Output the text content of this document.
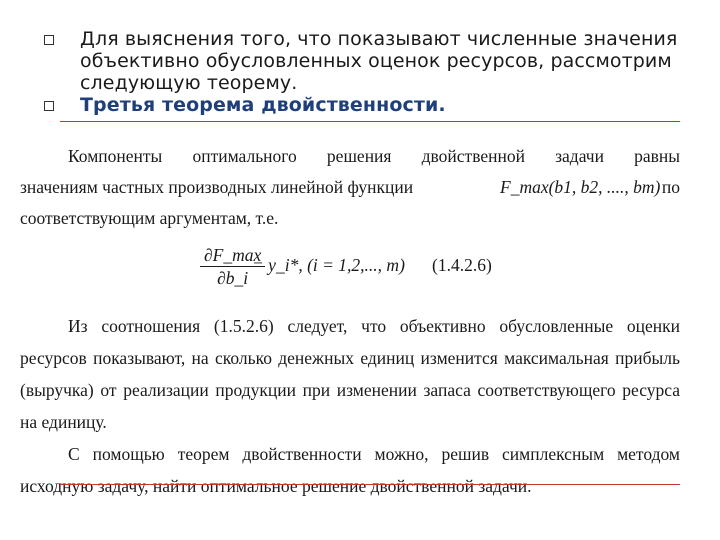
Для выяснения того, что показывают численные значения объективно обусловленных оценок ресурсов, рассмотрим следующую теорему.
Третья теорема двойственности.
Компоненты оптимального решения двойственной задачи равны
значениям частных производных линейной функции	F_max(b1, b2, ...., bm) по
соответствующим аргументам, т.е.
∂F_max
∂b_i
= y_i*, (i = 1,2,..., m) (1.4.2.6)
Из соотношения (1.5.2.6) следует, что объективно обусловленные оценки ресурсов показывают, на сколько денежных единиц изменится максимальная прибыль (выручка) от реализации продукции при изменении запаса соответствующего ресурса на единицу.
С помощью теорем двойственности можно, решив симплексным методом исходную задачу, найти оптимальное решение двойственной задачи.
